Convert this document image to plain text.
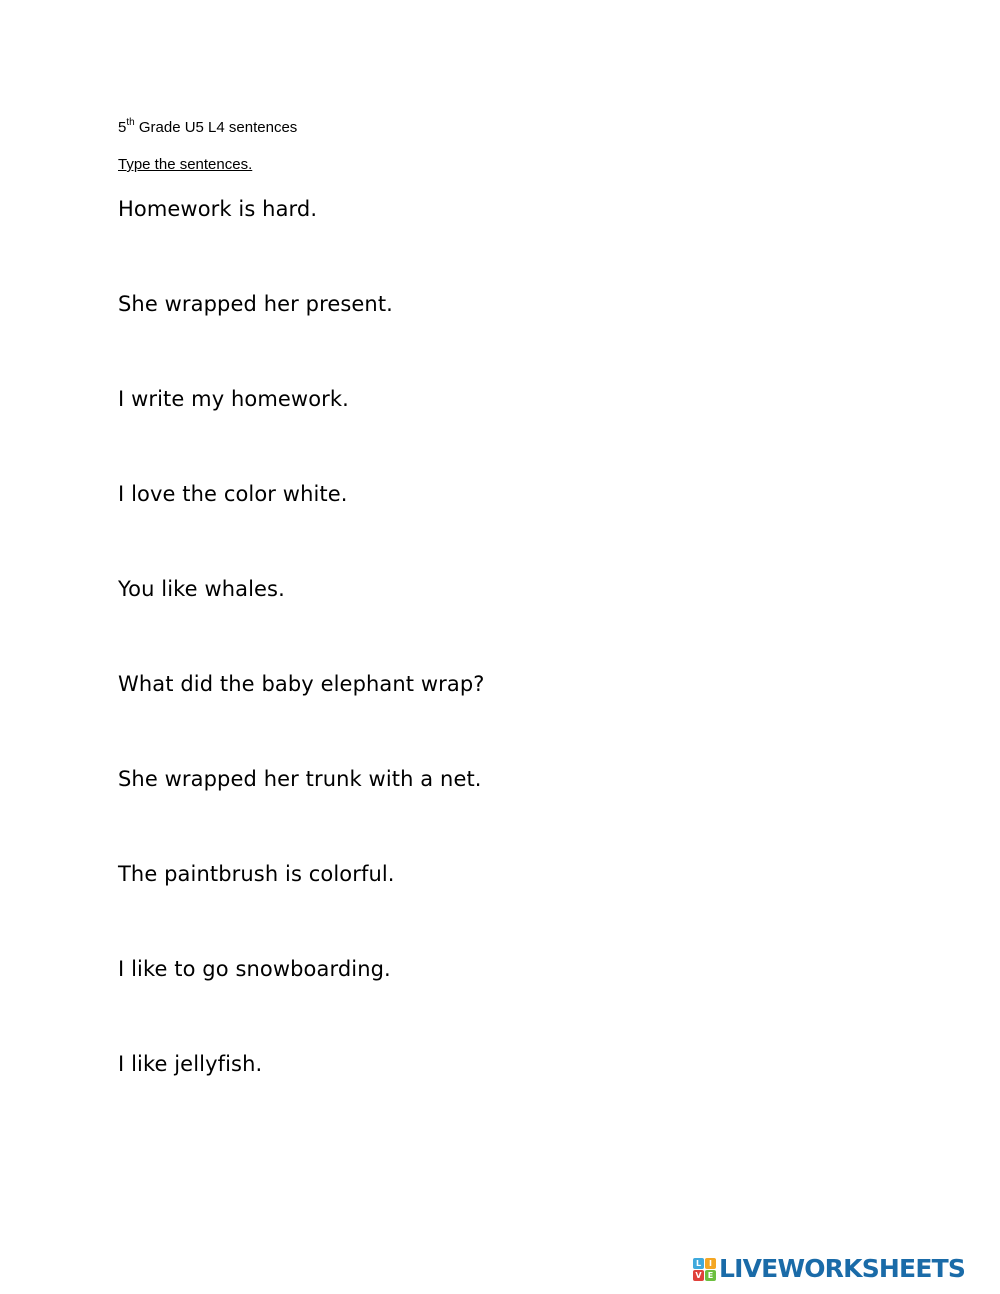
5th Grade U5 L4 sentences
Type the sentences.
Homework is hard.
She wrapped her present.
I write my homework.
I love the color white.
You like whales.
What did the baby elephant wrap?
She wrapped her trunk with a net.
The paintbrush is colorful.
I like to go snowboarding.
I like jellyfish.
L I
V E LIVEWORKSHEETS
